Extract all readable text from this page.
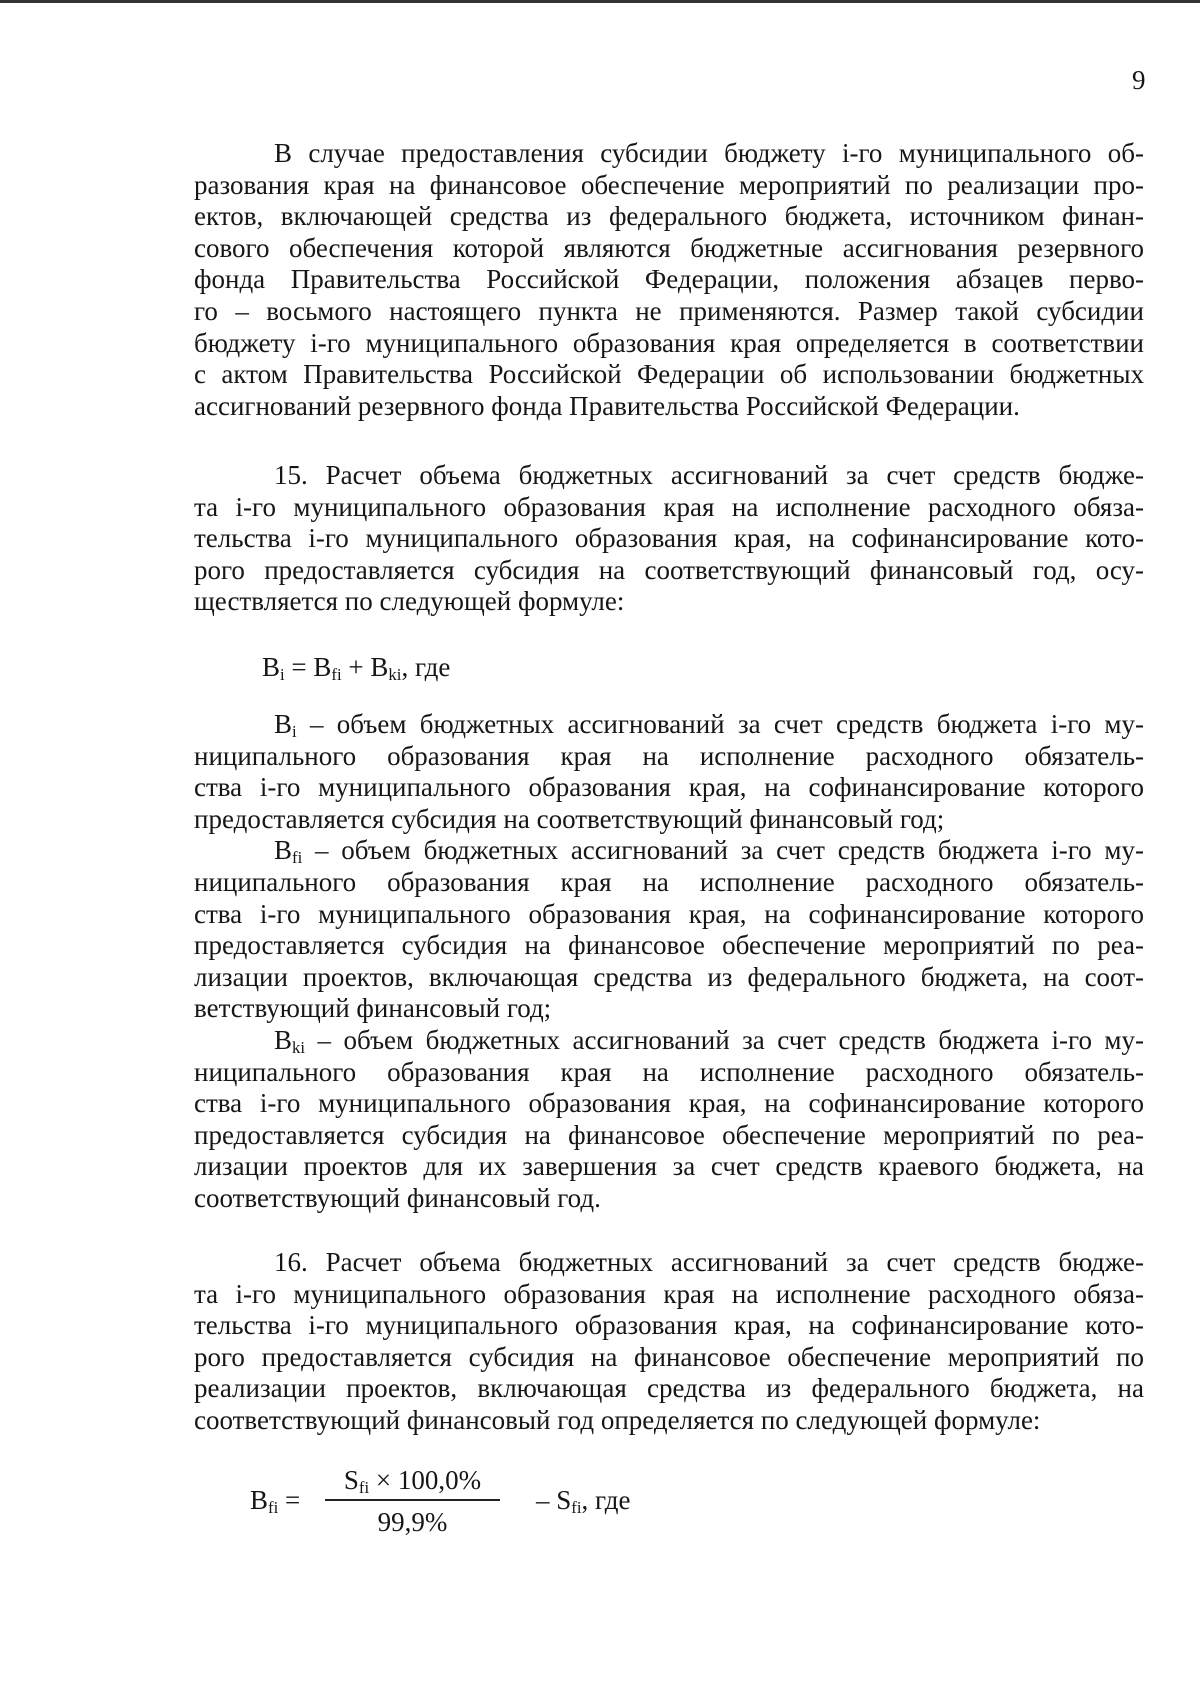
9
В случае предоставления субсидии бюджету i-го муниципального об-
разования края на финансовое обеспечение мероприятий по реализации про-
ектов, включающей средства из федерального бюджета, источником финан-
сового обеспечения которой являются бюджетные ассигнования резервного
фонда Правительства Российской Федерации, положения абзацев перво-
го – восьмого настоящего пункта не применяются. Размер такой субсидии
бюджету i-го муниципального образования края определяется в соответствии
с актом Правительства Российской Федерации об использовании бюджетных
ассигнований резервного фонда Правительства Российской Федерации.
15. Расчет объема бюджетных ассигнований за счет средств бюдже-
та i-го муниципального образования края на исполнение расходного обяза-
тельства i-го муниципального образования края, на софинансирование кото-
рого предоставляется субсидия на соответствующий финансовый год, осу-
ществляется по следующей формуле:
$B_i = B_{fi} + B_{ki}$, где
$B_i$ – объем бюджетных ассигнований за счет средств бюджета i-го му-
ниципального образования края на исполнение расходного обязатель-
ства i-го муниципального образования края, на софинансирование которого
предоставляется субсидия на соответствующий финансовый год;
$B_{fi}$ – объем бюджетных ассигнований за счет средств бюджета i-го му-
ниципального образования края на исполнение расходного обязатель-
ства i-го муниципального образования края, на софинансирование которого
предоставляется субсидия на финансовое обеспечение мероприятий по реа-
лизации проектов, включающая средства из федерального бюджета, на соот-
ветствующий финансовый год;
$B_{ki}$ – объем бюджетных ассигнований за счет средств бюджета i-го му-
ниципального образования края на исполнение расходного обязатель-
ства i-го муниципального образования края, на софинансирование которого
предоставляется субсидия на финансовое обеспечение мероприятий по реа-
лизации проектов для их завершения за счет средств краевого бюджета, на
соответствующий финансовый год.
16. Расчет объема бюджетных ассигнований за счет средств бюдже-
та i-го муниципального образования края на исполнение расходного обяза-
тельства i-го муниципального образования края, на софинансирование кото-
рого предоставляется субсидия на финансовое обеспечение мероприятий по
реализации проектов, включающая средства из федерального бюджета, на
соответствующий финансовый год определяется по следующей формуле:
$B_{fi}$ =
$S_{fi} \times 100,0\%$
99,9%
– $S_{fi}$, где
